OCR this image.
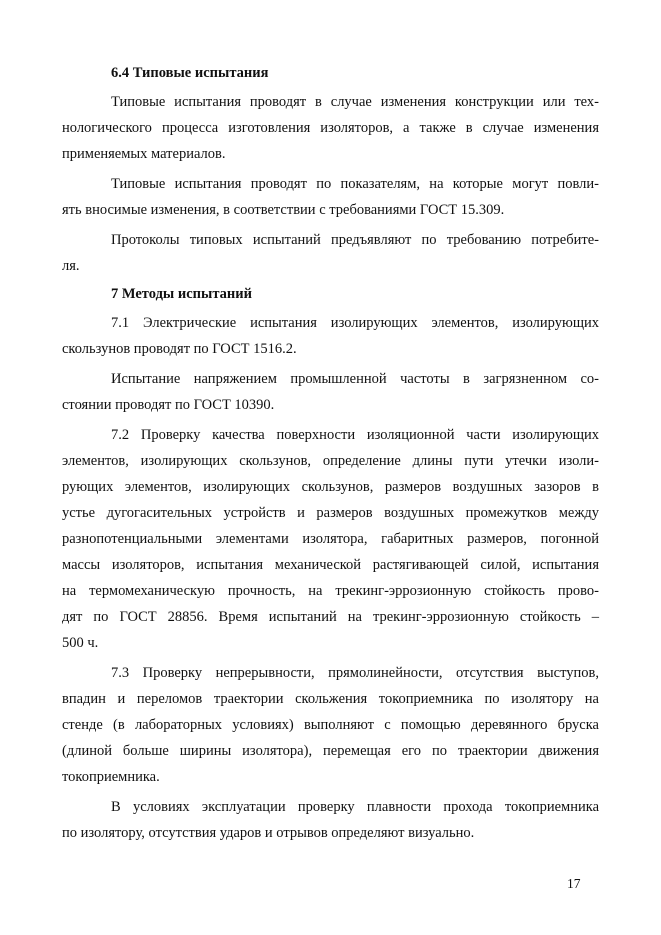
6.4 Типовые испытания

Типовые испытания проводят в случае изменения конструкции или тех-
нологического процесса изготовления изоляторов, а также в случае изменения
применяемых материалов.

Типовые испытания проводят по показателям, на которые могут повли-
ять вносимые изменения, в соответствии с требованиями ГОСТ 15.309.

Протоколы типовых испытаний предъявляют по требованию потребите-
ля.

7 Методы испытаний

7.1 Электрические испытания изолирующих элементов, изолирующих
скользунов проводят по ГОСТ 1516.2.

Испытание напряжением промышленной частоты в загрязненном со-
стоянии проводят по ГОСТ 10390.

7.2 Проверку качества поверхности изоляционной части изолирующих
элементов, изолирующих скользунов, определение длины пути утечки изоли-
рующих элементов, изолирующих скользунов, размеров воздушных зазоров в
устье дугогасительных устройств и размеров воздушных промежутков между
разнопотенциальными элементами изолятора, габаритных размеров, погонной
массы изоляторов, испытания механической растягивающей силой, испытания
на термомеханическую прочность, на трекинг-эррозионную стойкость прово-
дят по ГОСТ 28856. Время испытаний на трекинг-эррозионную стойкость –
500 ч.

7.3 Проверку непрерывности, прямолинейности, отсутствия выступов,
впадин и переломов траектории скольжения токоприемника по изолятору на
стенде (в лабораторных условиях) выполняют с помощью деревянного бруска
(длиной больше ширины изолятора), перемещая его по траектории движения
токоприемника.

В условиях эксплуатации проверку плавности прохода токоприемника
по изолятору, отсутствия ударов и отрывов определяют визуально.

17
